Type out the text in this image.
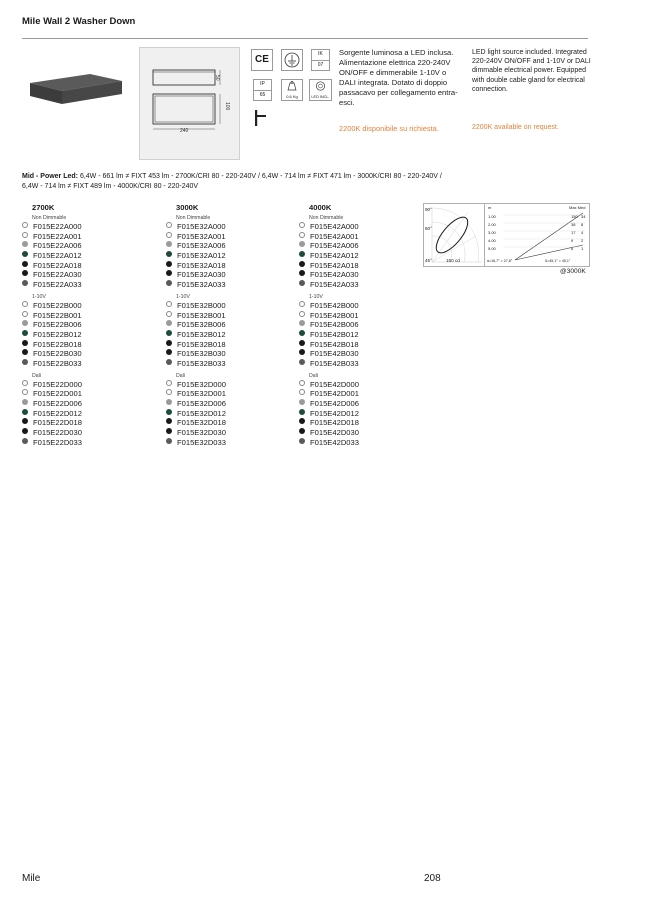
Mile Wall 2 Washer Down
240
50
100
CE	IK
07
IP
65	0,6 Kg	LED INCL.
Sorgente luminosa a LED inclusa. Alimentazione elettrica 220-240V ON/OFF e dimmerabile 1-10V o DALI integrata. Dotato di doppio passacavo per collegamento entra-esci.
LED light source included. Integrated 220-240V ON/OFF and 1-10V or DALI dimmable electrical power. Equipped with double cable gland for electrical connection.
2200K disponibile su richiesta.	2200K available on request.
Mid - Power Led: 6,4W - 661 lm ≠ FIXT 453 lm - 2700K/CRI 80 - 220-240V / 6,4W - 714 lm ≠ FIXT 471 lm - 3000K/CRI 80 - 220-240V /
6,4W - 714 lm ≠ FIXT 489 lm - 4000K/CRI 80 - 220-240V
2700K
Non Dimmable
F015E22A000
F015E22A001
F015E22A006
F015E22A012
F015E22A018
F015E22A030
F015E22A033
1-10V
F015E22B000
F015E22B001
F015E22B006
F015E22B012
F015E22B018
F015E22B030
F015E22B033
Dali
F015E22D000
F015E22D001
F015E22D006
F015E22D012
F015E22D018
F015E22D030
F015E22D033
3000K
Non Dimmable
F015E32A000
F015E32A001
F015E32A006
F015E32A012
F015E32A018
F015E32A030
F015E32A033
1-10V
F015E32B000
F015E32B001
F015E32B006
F015E32B012
F015E32B018
F015E32B030
F015E32B033
Dali
F015E32D000
F015E32D001
F015E32D006
F015E32D012
F015E32D018
F015E32D030
F015E32D033
4000K
Non Dimmable
F015E42A000
F015E42A001
F015E42A006
F015E42A012
F015E42A018
F015E42A030
F015E42A033
1-10V
F015E42B000
F015E42B001
F015E42B006
F015E42B012
F015E42B018
F015E42B030
F015E42B033
Dali
F015E42D000
F015E42D001
F015E42D006
F015E42D012
F015E42D018
F015E42D030
F015E42D033
90°
60°
45°	150 cd
m	Max Med
1.00	150 34
2.00	38 8
3.00	17 4
4.00	9 2
5.00	6 1
α=16,7° = 27,8°	ß=45,1° = 45,1°
@3000K
Mile	208
